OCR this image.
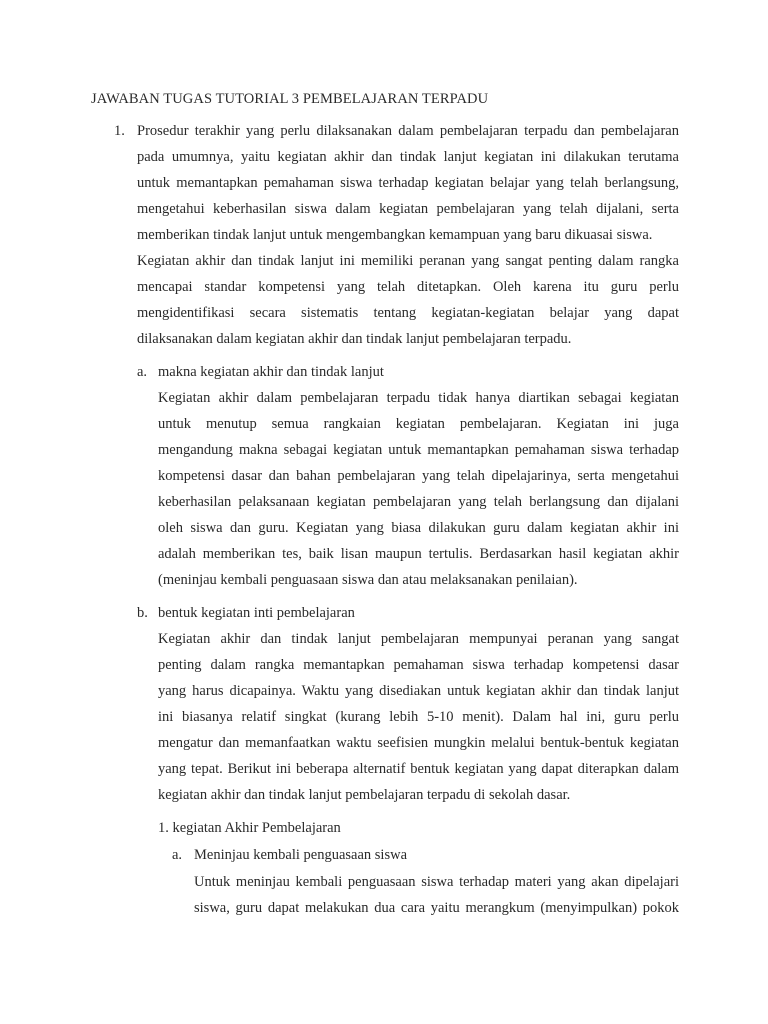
JAWABAN TUGAS TUTORIAL 3 PEMBELAJARAN TERPADU
1. Prosedur terakhir yang perlu dilaksanakan dalam pembelajaran terpadu dan pembelajaran
pada umumnya, yaitu kegiatan akhir dan tindak lanjut kegiatan ini dilakukan terutama
untuk memantapkan pemahaman siswa terhadap kegiatan belajar yang telah berlangsung,
mengetahui keberhasilan siswa dalam kegiatan pembelajaran yang telah dijalani, serta
memberikan tindak lanjut untuk mengembangkan kemampuan yang baru dikuasai siswa.
Kegiatan akhir dan tindak lanjut ini memiliki peranan yang sangat penting dalam rangka
mencapai standar kompetensi yang telah ditetapkan. Oleh karena itu guru perlu
mengidentifikasi secara sistematis tentang kegiatan-kegiatan belajar yang dapat
dilaksanakan dalam kegiatan akhir dan tindak lanjut pembelajaran terpadu.
a. makna kegiatan akhir dan tindak lanjut
Kegiatan akhir dalam pembelajaran terpadu tidak hanya diartikan sebagai kegiatan
untuk menutup semua rangkaian kegiatan pembelajaran. Kegiatan ini juga
mengandung makna sebagai kegiatan untuk memantapkan pemahaman siswa terhadap
kompetensi dasar dan bahan pembelajaran yang telah dipelajarinya, serta mengetahui
keberhasilan pelaksanaan kegiatan pembelajaran yang telah berlangsung dan dijalani
oleh siswa dan guru. Kegiatan yang biasa dilakukan guru dalam kegiatan akhir ini
adalah memberikan tes, baik lisan maupun tertulis. Berdasarkan hasil kegiatan akhir
(meninjau kembali penguasaan siswa dan atau melaksanakan penilaian).
b. bentuk kegiatan inti pembelajaran
Kegiatan akhir dan tindak lanjut pembelajaran mempunyai peranan yang sangat
penting dalam rangka memantapkan pemahaman siswa terhadap kompetensi dasar
yang harus dicapainya. Waktu yang disediakan untuk kegiatan akhir dan tindak lanjut
ini biasanya relatif singkat (kurang lebih 5-10 menit). Dalam hal ini, guru perlu
mengatur dan memanfaatkan waktu seefisien mungkin melalui bentuk-bentuk kegiatan
yang tepat. Berikut ini beberapa alternatif bentuk kegiatan yang dapat diterapkan dalam
kegiatan akhir dan tindak lanjut pembelajaran terpadu di sekolah dasar.
1. kegiatan Akhir Pembelajaran
a. Meninjau kembali penguasaan siswa
Untuk meninjau kembali penguasaan siswa terhadap materi yang akan dipelajari
siswa, guru dapat melakukan dua cara yaitu merangkum (menyimpulkan) pokok
